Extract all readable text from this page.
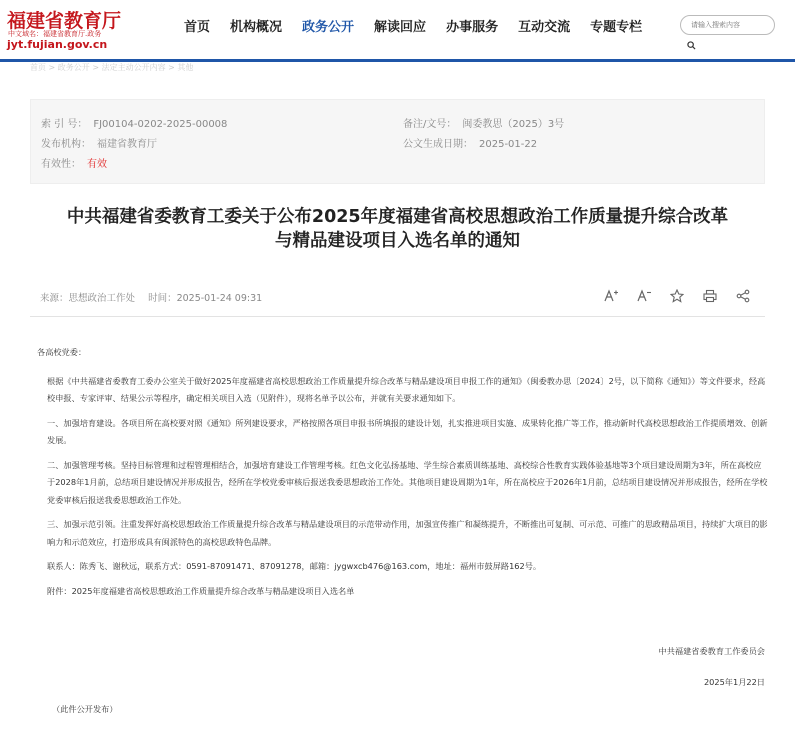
福建省教育厅
中文域名：福建省教育厅.政务
jyt.fujian.gov.cn
首页 机构概况 政务公开 解读回应 办事服务 互动交流 专题专栏
请输入搜索内容
首页 > 政务公开 > 法定主动公开内容 > 其他
索 引 号： FJ00104-0202-2025-00008	备注/文号： 闽委教思（2025）3号
发布机构： 福建省教育厅	公文生成日期： 2025-01-22
有效性： 有效
中共福建省委教育工委关于公布2025年度福建省高校思想政治工作质量提升综合改革
与精品建设项目入选名单的通知
来源：思想政治工作处 时间：2025-01-24 09:31

各高校党委：

根据《中共福建省委教育工委办公室关于做好2025年度福建省高校思想政治工作质量提升综合改革与精品建设项目申报工作的通知》（闽委教办思〔2024〕2号，以下简称《通知》）等文件要求，经高校申报、专家评审、结果公示等程序，确定相关项目入选（见附件），现将名单予以公布，并就有关要求通知如下。

一、加强培育建设。各项目所在高校要对照《通知》所列建设要求，严格按照各项目申报书所填报的建设计划，扎实推进项目实施、成果转化推广等工作，推动新时代高校思想政治工作提质增效、创新发展。

二、加强管理考核。坚持目标管理和过程管理相结合，加强培育建设工作管理考核。红色文化弘扬基地、学生综合素质训练基地、高校综合性教育实践体验基地等3个项目建设周期为3年，所在高校应于2028年1月前，总结项目建设情况并形成报告，经所在学校党委审核后报送我委思想政治工作处。其他项目建设周期为1年，所在高校应于2026年1月前，总结项目建设情况并形成报告，经所在学校党委审核后报送我委思想政治工作处。

三、加强示范引领。注重发挥好高校思想政治工作质量提升综合改革与精品建设项目的示范带动作用，加强宣传推广和凝练提升，不断推出可复制、可示范、可推广的思政精品项目，持续扩大项目的影响力和示范效应，打造形成具有闽派特色的高校思政特色品牌。

联系人：陈秀飞、谢秋远，联系方式：0591-87091471、87091278，邮箱：jygwxcb476@163.com，地址：福州市鼓屏路162号。

附件：2025年度福建省高校思想政治工作质量提升综合改革与精品建设项目入选名单

中共福建省委教育工作委员会
2025年1月22日
（此件公开发布）
